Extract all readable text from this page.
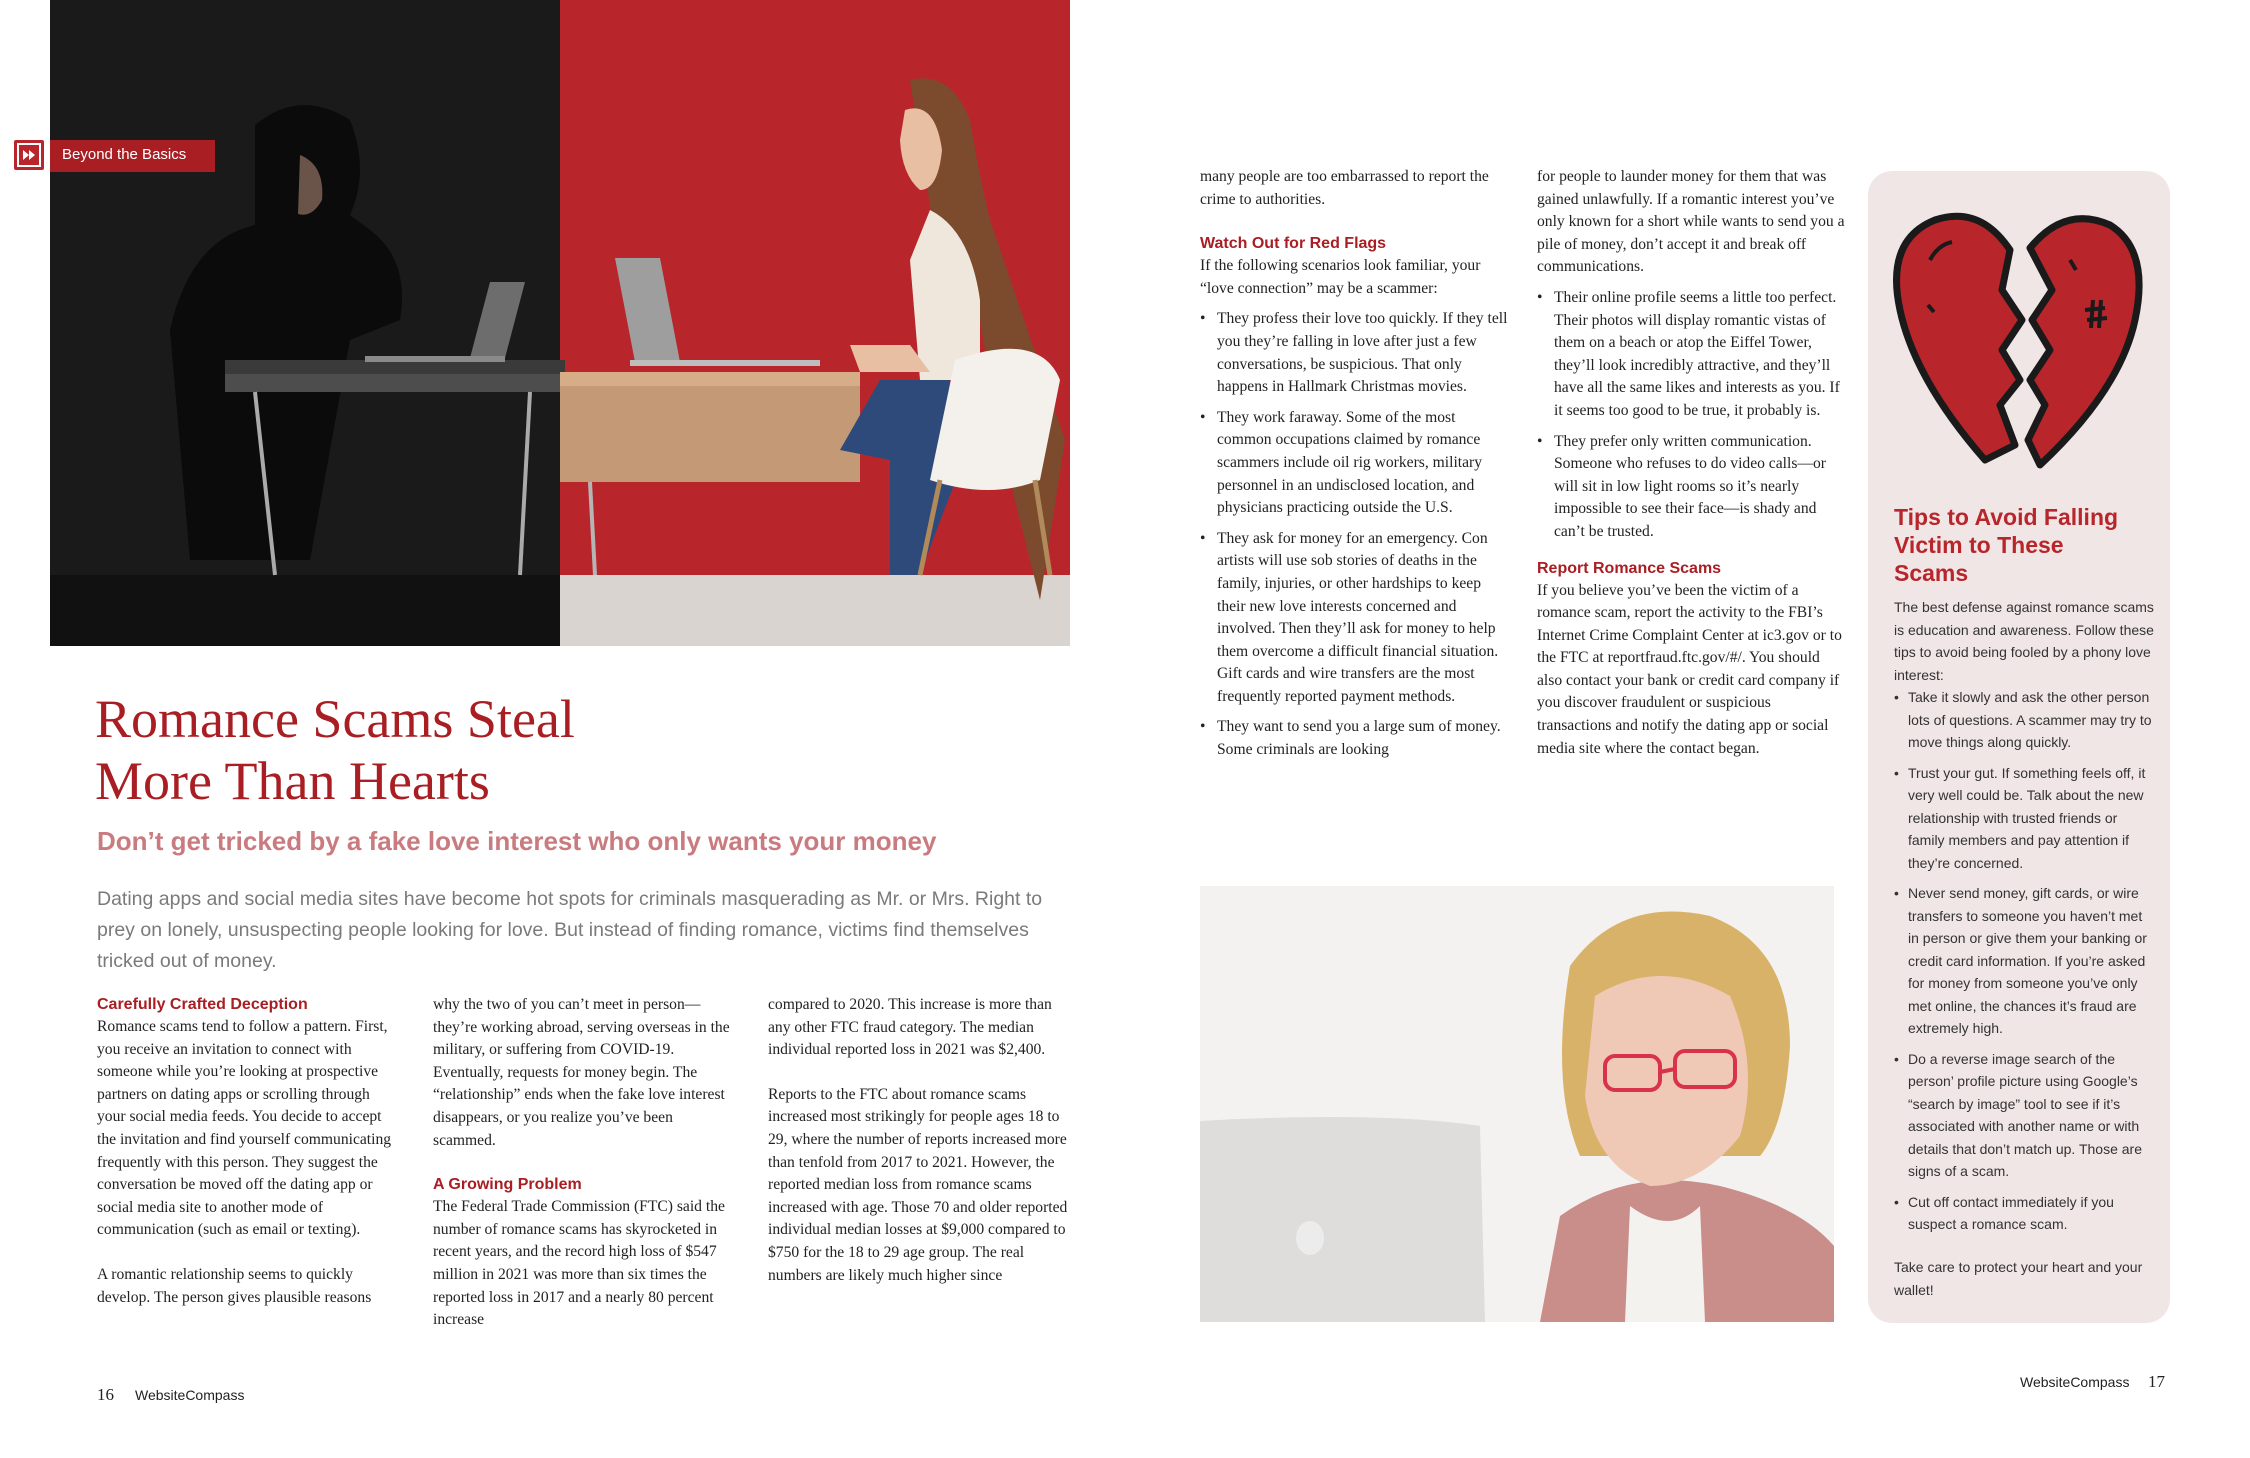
Beyond the Basics
Romance Scams Steal
More Than Hearts
Don’t get tricked by a fake love interest who only wants your money
Dating apps and social media sites have become hot spots for criminals masquerading as Mr. or Mrs. Right to prey on lonely, unsuspecting people looking for love. But instead of finding romance, victims find themselves tricked out of money.
Carefully Crafted Deception

Romance scams tend to follow a pattern. First, you receive an invitation to connect with someone while you’re looking at prospective partners on dating apps or scrolling through your social media feeds. You decide to accept the invitation and find yourself communicating frequently with this person. They suggest the conversation be moved off the dating app or social media site to another mode of communication (such as email or texting).

A romantic relationship seems to quickly develop. The person gives plausible reasons

why the two of you can’t meet in person—they’re working abroad, serving overseas in the military, or suffering from COVID-19. Eventually, requests for money begin. The “relationship” ends when the fake love interest disappears, or you realize you’ve been scammed.

A Growing Problem

The Federal Trade Commission (FTC) said the number of romance scams has skyrocketed in recent years, and the record high loss of $547 million in 2021 was more than six times the reported loss in 2017 and a nearly 80 percent increase

compared to 2020. This increase is more than any other FTC fraud category. The median individual reported loss in 2021 was $2,400.

Reports to the FTC about romance scams increased most strikingly for people ages 18 to 29, where the number of reports increased more than tenfold from 2017 to 2021. However, the reported median loss from romance scams increased with age. Those 70 and older reported individual median losses at $9,000 compared to $750 for the 18 to 29 age group. The real numbers are likely much higher since

many people are too embarrassed to report the crime to authorities.

Watch Out for Red Flags

If the following scenarios look familiar, your “love connection” may be a scammer:

• They profess their love too quickly. If they tell you they’re falling in love after just a few conversations, be suspicious. That only happens in Hallmark Christmas movies.
• They work faraway. Some of the most common occupations claimed by romance scammers include oil rig workers, military personnel in an undisclosed location, and physicians practicing outside the U.S.
• They ask for money for an emergency. Con artists will use sob stories of deaths in the family, injuries, or other hardships to keep their new love interests concerned and involved. Then they’ll ask for money to help them overcome a difficult financial situation. Gift cards and wire transfers are the most frequently reported payment methods.
• They want to send you a large sum of money. Some criminals are looking

for people to launder money for them that was gained unlawfully. If a romantic interest you’ve only known for a short while wants to send you a pile of money, don’t accept it and break off communications.

• Their online profile seems a little too perfect. Their photos will display romantic vistas of them on a beach or atop the Eiffel Tower, they’ll look incredibly attractive, and they’ll have all the same likes and interests as you. If it seems too good to be true, it probably is.
• They prefer only written communication. Someone who refuses to do video calls—or will sit in low light rooms so it’s nearly impossible to see their face—is shady and can’t be trusted.
Report Romance Scams

If you believe you’ve been the victim of a romance scam, report the activity to the FBI’s Internet Crime Complaint Center at ic3.gov or to the FTC at reportfraud.ftc.gov/#/. You should also contact your bank or credit card company if you discover fraudulent or suspicious transactions and notify the dating app or social media site where the contact began.

Tips to Avoid Falling Victim to These Scams
The best defense against romance scams is education and awareness. Follow these tips to avoid being fooled by a phony love interest:
• Take it slowly and ask the other person lots of questions. A scammer may try to move things along quickly.
• Trust your gut. If something feels off, it very well could be. Talk about the new relationship with trusted friends or family members and pay attention if they’re concerned.
• Never send money, gift cards, or wire transfers to someone you haven’t met in person or give them your banking or credit card information. If you’re asked for money from someone you’ve only met online, the chances it’s fraud are extremely high.
• Do a reverse image search of the person’ profile picture using Google’s “search by image” tool to see if it’s associated with another name or with details that don’t match up. Those are signs of a scam.
• Cut off contact immediately if you suspect a romance scam.
Take care to protect your heart and your wallet!
16 WebsiteCompass
WebsiteCompass 17
